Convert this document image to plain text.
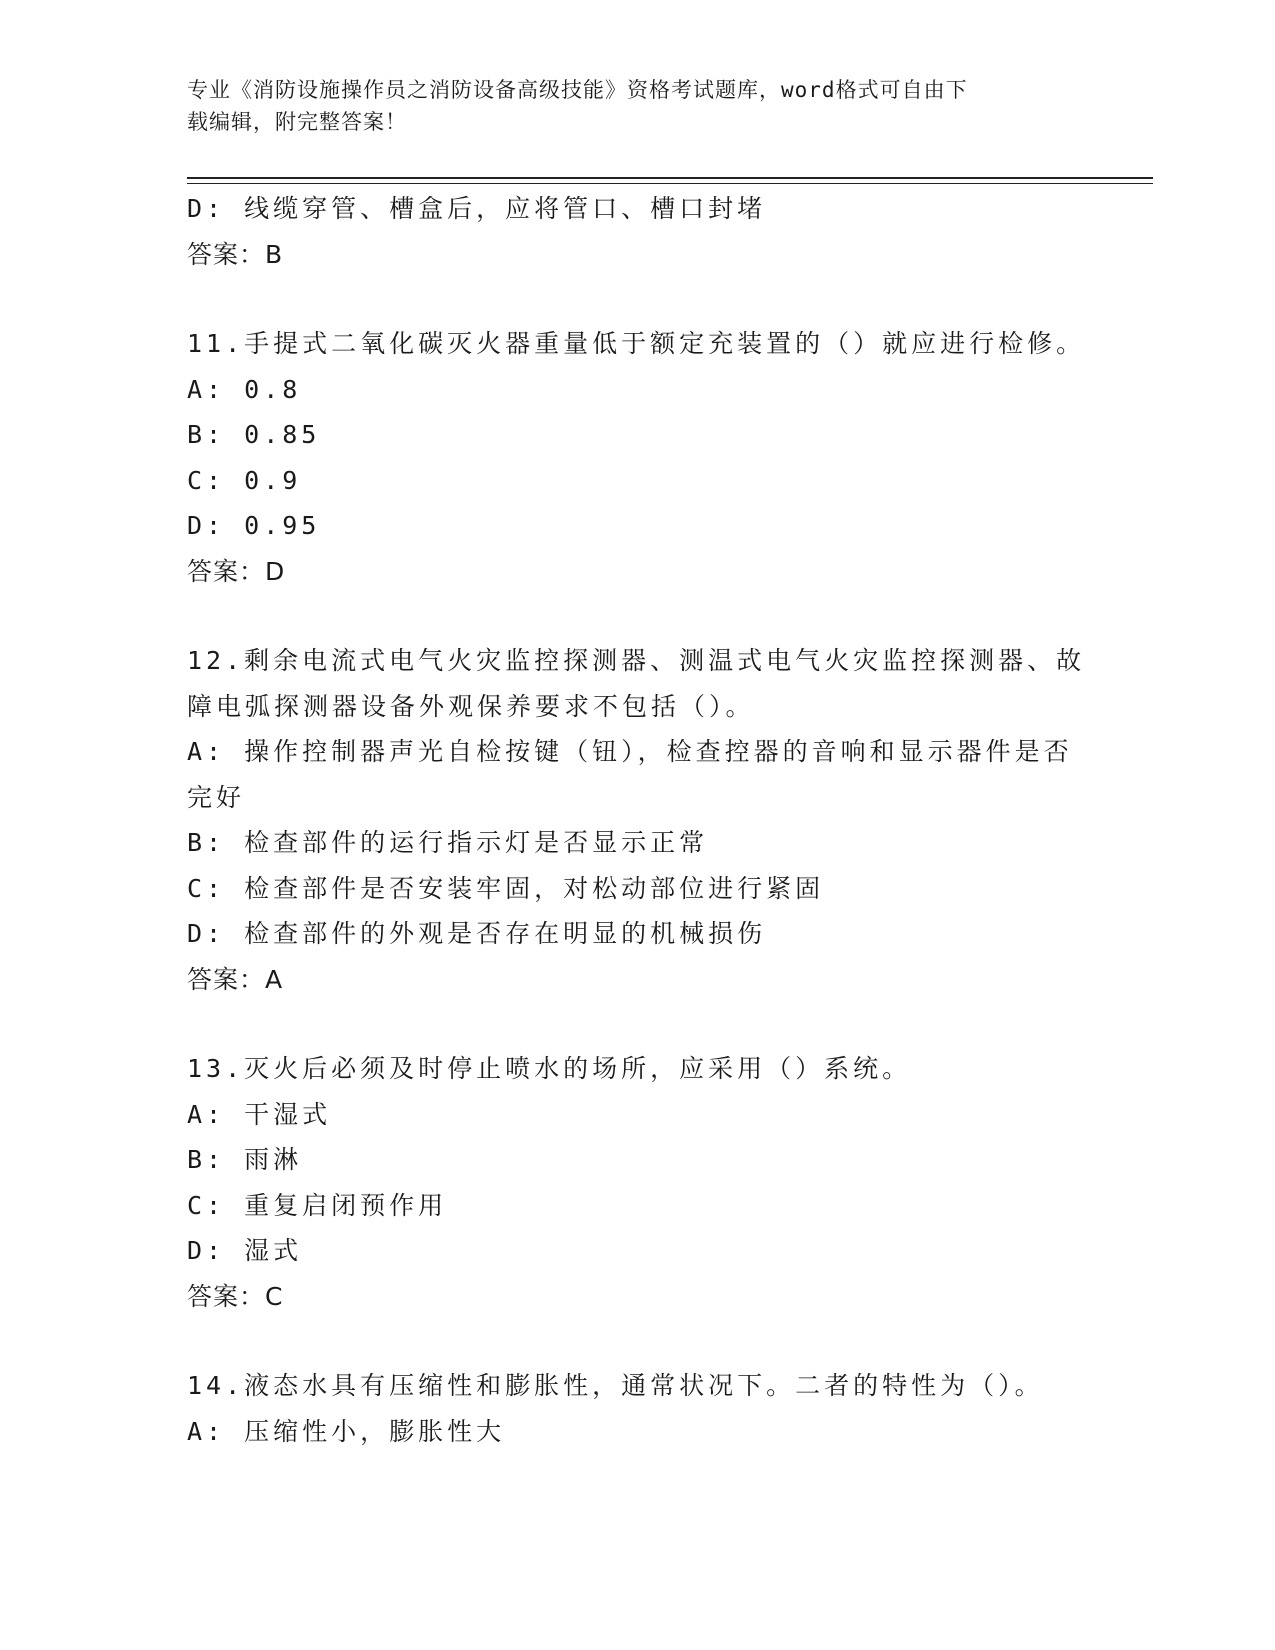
专业《消防设施操作员之消防设备高级技能》资格考试题库，word格式可自由下
载编辑，附完整答案！
D: 线缆穿管、槽盒后，应将管口、槽口封堵
答案：B
11.手提式二氧化碳灭火器重量低于额定充装置的（）就应进行检修。
A: 0.8
B: 0.85
C: 0.9
D: 0.95
答案：D
12.剩余电流式电气火灾监控探测器、测温式电气火灾监控探测器、故
障电弧探测器设备外观保养要求不包括（）。
A: 操作控制器声光自检按键（钮），检查控器的音响和显示器件是否
完好
B: 检查部件的运行指示灯是否显示正常
C: 检查部件是否安装牢固，对松动部位进行紧固
D: 检查部件的外观是否存在明显的机械损伤
答案：A
13.灭火后必须及时停止喷水的场所，应采用（）系统。
A: 干湿式
B: 雨淋
C: 重复启闭预作用
D: 湿式
答案：C
14.液态水具有压缩性和膨胀性，通常状况下。二者的特性为（）。
A: 压缩性小，膨胀性大
